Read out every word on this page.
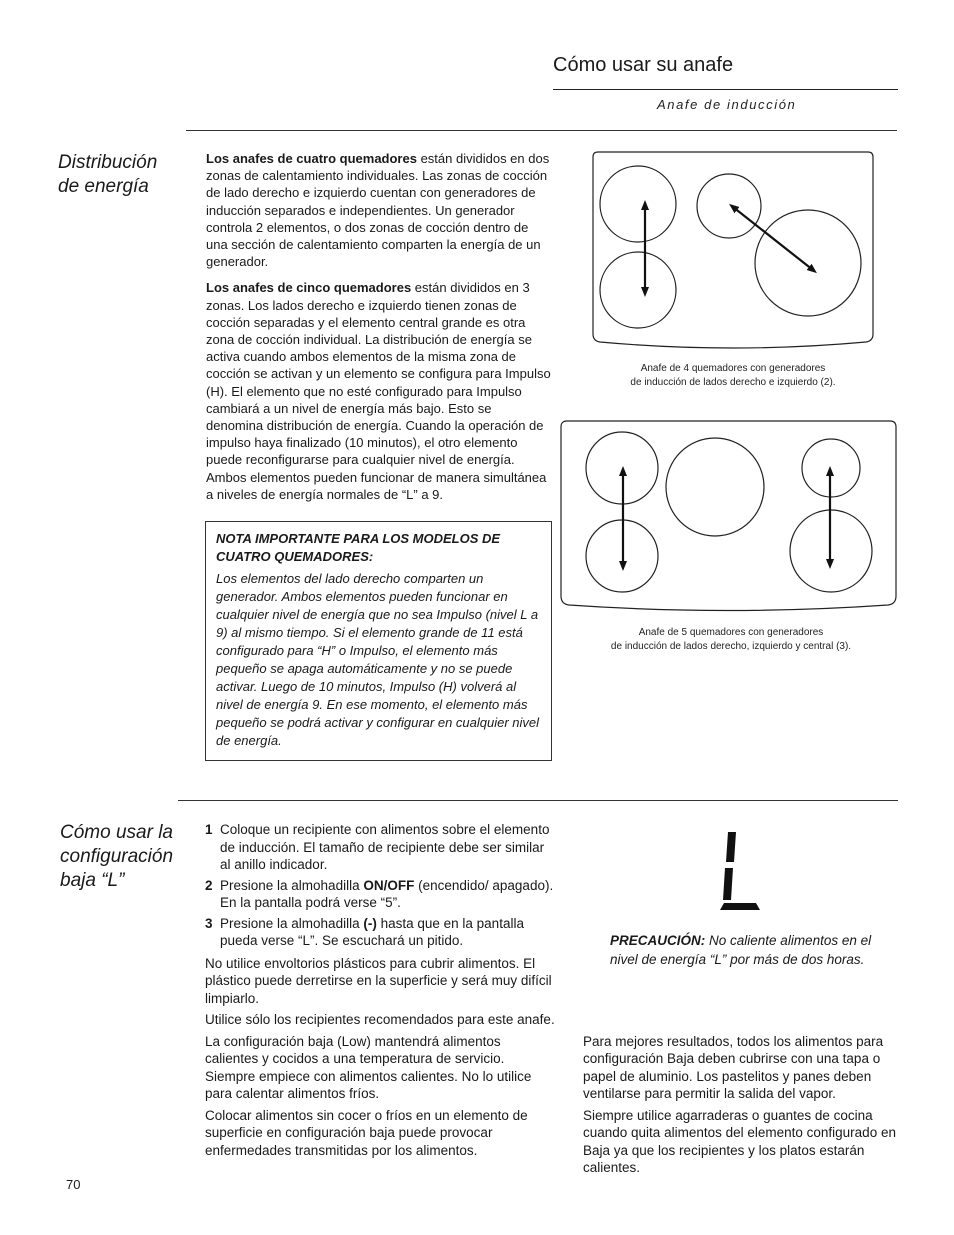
Cómo usar su anafe
Anafe de inducción
Distribución
de energía

Los anafes de cuatro quemadores están divididos en dos zonas de calentamiento individuales. Las zonas de cocción de lado derecho e izquierdo cuentan con generadores de inducción separados e independientes. Un generador controla 2 elementos, o dos zonas de cocción dentro de una sección de calentamiento comparten la energía de un generador.

Los anafes de cinco quemadores están divididos en 3 zonas. Los lados derecho e izquierdo tienen zonas de cocción separadas y el elemento central grande es otra zona de cocción individual. La distribución de energía se activa cuando ambos elementos de la misma zona de cocción se activan y un elemento se configura para Impulso (H). El elemento que no esté configurado para Impulso cambiará a un nivel de energía más bajo. Esto se denomina distribución de energía. Cuando la operación de impulso haya finalizado (10 minutos), el otro elemento puede reconfigurarse para cualquier nivel de energía. Ambos elementos pueden funcionar de manera simultánea a niveles de energía normales de “L” a 9.

NOTA IMPORTANTE PARA LOS MODELOS DE CUATRO QUEMADORES:

Los elementos del lado derecho comparten un generador. Ambos elementos pueden funcionar en cualquier nivel de energía que no sea Impulso (nivel L a 9) al mismo tiempo. Si el elemento grande de 11 está configurado para “H” o Impulso, el elemento más pequeño se apaga automáticamente y no se puede activar. Luego de 10 minutos, Impulso (H) volverá al nivel de energía 9. En ese momento, el elemento más pequeño se podrá activar y configurar en cualquier nivel de energía.

Anafe de 4 quemadores con generadores
de inducción de lados derecho e izquierdo (2).
Anafe de 5 quemadores con generadores
de inducción de lados derecho, izquierdo y central (3).
Cómo usar la
configuración
baja “L”
1 Coloque un recipiente con alimentos sobre el elemento de inducción. El tamaño de recipiente debe ser similar al anillo indicador.
2 Presione la almohadilla ON/OFF (encendido/ apagado). En la pantalla podrá verse “5”.
3 Presione la almohadilla (-) hasta que en la pantalla pueda verse “L”. Se escuchará un pitido.

No utilice envoltorios plásticos para cubrir alimentos. El plástico puede derretirse en la superficie y será muy difícil limpiarlo.

Utilice sólo los recipientes recomendados para este anafe.

La configuración baja (Low) mantendrá alimentos calientes y cocidos a una temperatura de servicio. Siempre empiece con alimentos calientes. No lo utilice para calentar alimentos fríos.

Colocar alimentos sin cocer o fríos en un elemento de superficie en configuración baja puede provocar enfermedades transmitidas por los alimentos.

PRECAUCIÓN: No caliente alimentos en el nivel de energía “L” por más de dos horas.

Para mejores resultados, todos los alimentos para configuración Baja deben cubrirse con una tapa o papel de aluminio. Los pastelitos y panes deben ventilarse para permitir la salida del vapor.

Siempre utilice agarraderas o guantes de cocina cuando quita alimentos del elemento configurado en Baja ya que los recipientes y los platos estarán calientes.

70
